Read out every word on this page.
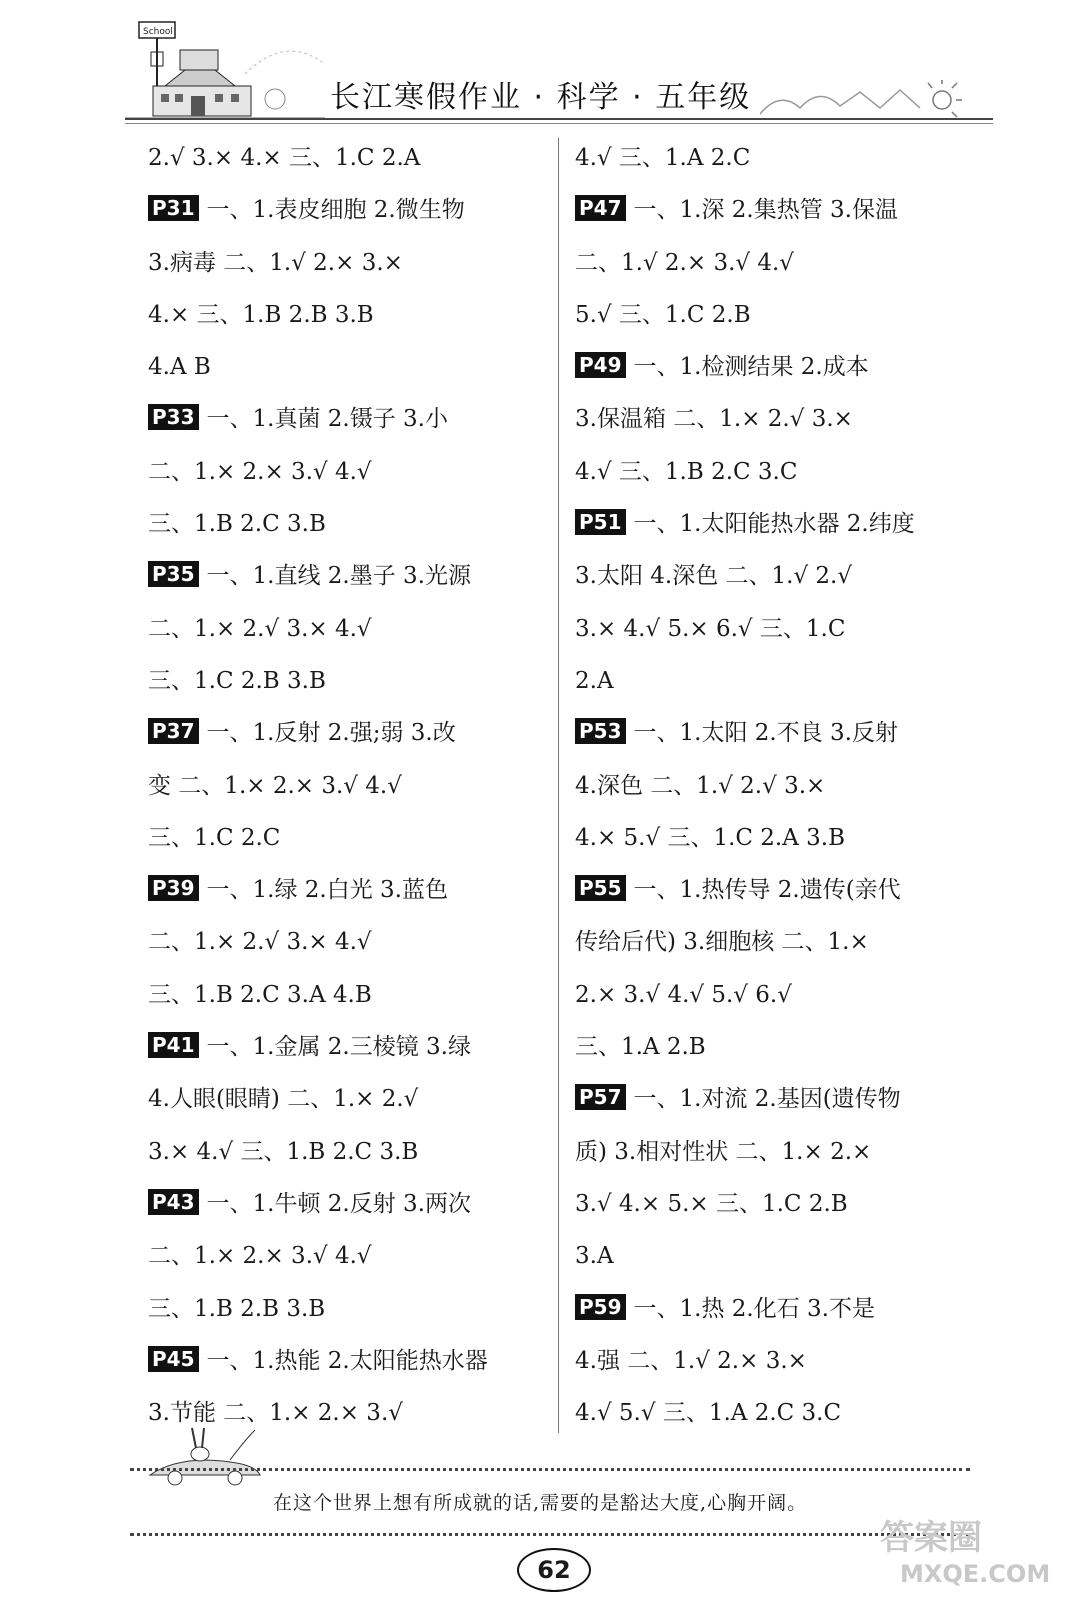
School
长江寒假作业 · 科学 · 五年级
2.√ 3.× 4.× 三、1.C 2.A
P31 一、1.表皮细胞 2.微生物
3.病毒 二、1.√ 2.× 3.×
4.× 三、1.B 2.B 3.B
4.A B
P33 一、1.真菌 2.镊子 3.小
二、1.× 2.× 3.√ 4.√
三、1.B 2.C 3.B
P35 一、1.直线 2.墨子 3.光源
二、1.× 2.√ 3.× 4.√
三、1.C 2.B 3.B
P37 一、1.反射 2.强;弱 3.改
变 二、1.× 2.× 3.√ 4.√
三、1.C 2.C
P39 一、1.绿 2.白光 3.蓝色
二、1.× 2.√ 3.× 4.√
三、1.B 2.C 3.A 4.B
P41 一、1.金属 2.三棱镜 3.绿
4.人眼(眼睛) 二、1.× 2.√
3.× 4.√ 三、1.B 2.C 3.B
P43 一、1.牛顿 2.反射 3.两次
二、1.× 2.× 3.√ 4.√
三、1.B 2.B 3.B
P45 一、1.热能 2.太阳能热水器
3.节能 二、1.× 2.× 3.√
4.√ 三、1.A 2.C
P47 一、1.深 2.集热管 3.保温
二、1.√ 2.× 3.√ 4.√
5.√ 三、1.C 2.B
P49 一、1.检测结果 2.成本
3.保温箱 二、1.× 2.√ 3.×
4.√ 三、1.B 2.C 3.C
P51 一、1.太阳能热水器 2.纬度
3.太阳 4.深色 二、1.√ 2.√
3.× 4.√ 5.× 6.√ 三、1.C
2.A
P53 一、1.太阳 2.不良 3.反射
4.深色 二、1.√ 2.√ 3.×
4.× 5.√ 三、1.C 2.A 3.B
P55 一、1.热传导 2.遗传(亲代
传给后代) 3.细胞核 二、1.×
2.× 3.√ 4.√ 5.√ 6.√
三、1.A 2.B
P57 一、1.对流 2.基因(遗传物
质) 3.相对性状 二、1.× 2.×
3.√ 4.× 5.× 三、1.C 2.B
3.A
P59 一、1.热 2.化石 3.不是
4.强 二、1.√ 2.× 3.×
4.√ 5.√ 三、1.A 2.C 3.C
在这个世界上想有所成就的话,需要的是豁达大度,心胸开阔。
62
答案圈
MXQE.COM
